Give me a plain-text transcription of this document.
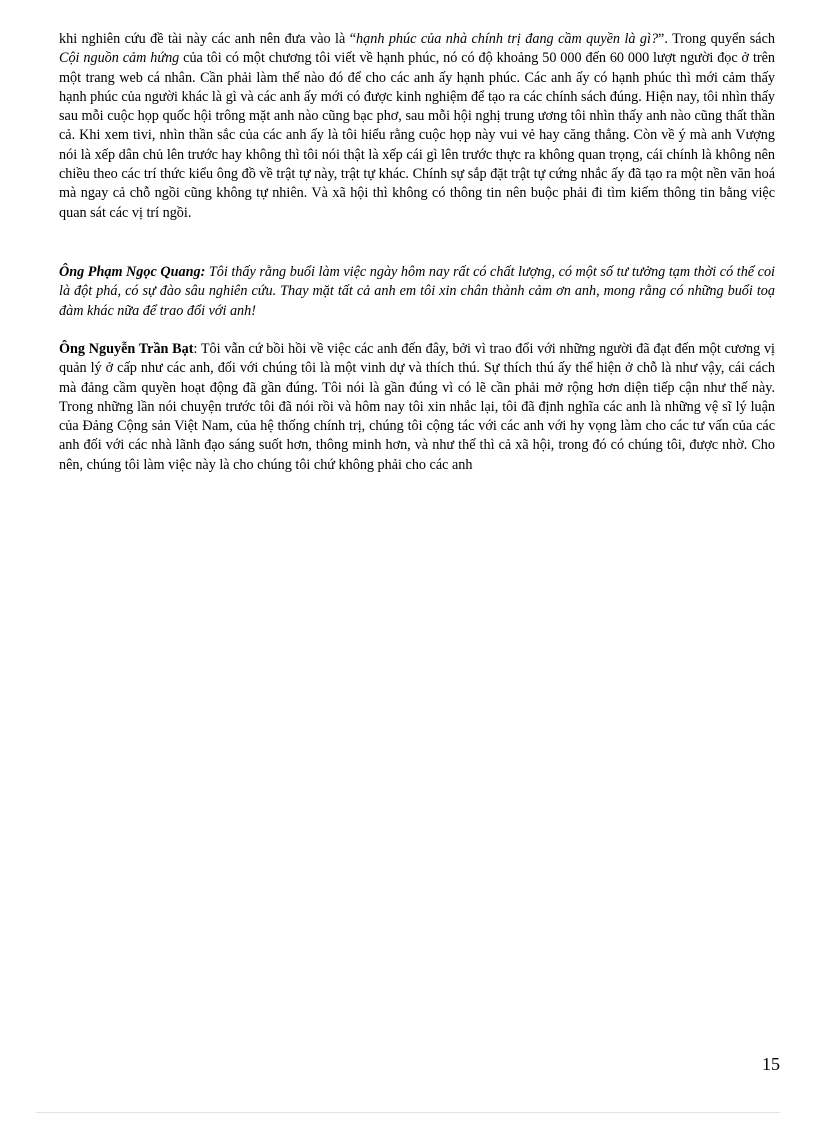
khi nghiên cứu đề tài này các anh nên đưa vào là “hạnh phúc của nhà chính trị đang cầm quyền là gì?”. Trong quyển sách Cội nguồn cảm hứng của tôi có một chương tôi viết về hạnh phúc, nó có độ khoảng 50 000 đến 60 000 lượt người đọc ở trên một trang web cá nhân. Cần phải làm thế nào đó để cho các anh ấy hạnh phúc. Các anh ấy có hạnh phúc thì mới cảm thấy hạnh phúc của người khác là gì và các anh ấy mới có được kinh nghiệm để tạo ra các chính sách đúng. Hiện nay, tôi nhìn thấy sau mỗi cuộc họp quốc hội trông mặt anh nào cũng bạc phơ, sau mỗi hội nghị trung ương tôi nhìn thấy anh nào cũng thất thần cả. Khi xem tivi, nhìn thần sắc của các anh ấy là tôi hiểu rằng cuộc họp này vui vẻ hay căng thẳng. Còn về ý mà anh Vượng nói là xếp dân chủ lên trước hay không thì tôi nói thật là xếp cái gì lên trước thực ra không quan trọng, cái chính là không nên chiều theo các trí thức kiểu ông đồ về trật tự này, trật tự khác. Chính sự sắp đặt trật tự cứng nhắc ấy đã tạo ra một nền văn hoá mà ngay cả chỗ ngồi cũng không tự nhiên. Và xã hội thì không có thông tin nên buộc phải đi tìm kiếm thông tin bằng việc quan sát các vị trí ngồi.

Ông Phạm Ngọc Quang: Tôi thấy rằng buổi làm việc ngày hôm nay rất có chất lượng, có một số tư tưởng tạm thời có thể coi là đột phá, có sự đào sâu nghiên cứu. Thay mặt tất cả anh em tôi xin chân thành cảm ơn anh, mong rằng có những buổi toạ đàm khác nữa để trao đổi với anh!

Ông Nguyễn Trần Bạt: Tôi vẫn cứ bồi hồi về việc các anh đến đây, bởi vì trao đổi với những người đã đạt đến một cương vị quản lý ở cấp như các anh, đối với chúng tôi là một vinh dự và thích thú. Sự thích thú ấy thể hiện ở chỗ là như vậy, cái cách mà đảng cầm quyền hoạt động đã gần đúng. Tôi nói là gần đúng vì có lẽ cần phải mở rộng hơn diện tiếp cận như thế này. Trong những lần nói chuyện trước tôi đã nói rồi và hôm nay tôi xin nhắc lại, tôi đã định nghĩa các anh là những vệ sĩ lý luận của Đảng Cộng sản Việt Nam, của hệ thống chính trị, chúng tôi cộng tác với các anh với hy vọng làm cho các tư vấn của các anh đối với các nhà lãnh đạo sáng suốt hơn, thông minh hơn, và như thế thì cả xã hội, trong đó có chúng tôi, được nhờ. Cho nên, chúng tôi làm việc này là cho chúng tôi chứ không phải cho các anh

15
